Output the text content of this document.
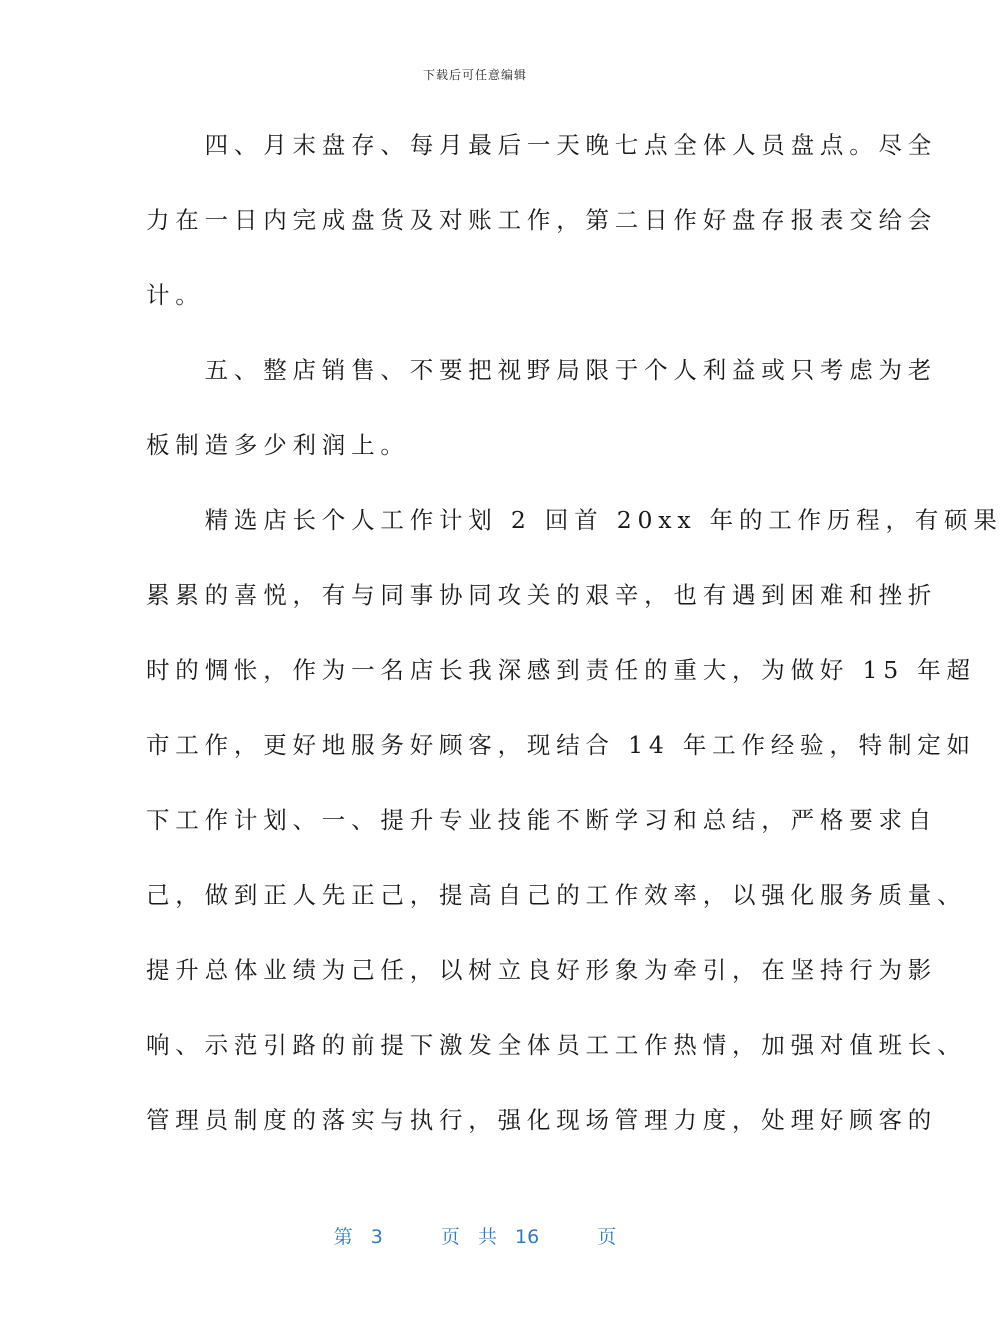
下载后可任意编辑
　　四、月末盘存、每月最后一天晚七点全体人员盘点。尽全
力在一日内完成盘货及对账工作，第二日作好盘存报表交给会
计。
　　五、整店销售、不要把视野局限于个人利益或只考虑为老
板制造多少利润上。
　　精选店长个人工作计划 2 回首 20xx 年的工作历程，有硕果
累累的喜悦，有与同事协同攻关的艰辛，也有遇到困难和挫折
时的惆怅，作为一名店长我深感到责任的重大，为做好 15 年超
市工作，更好地服务好顾客，现结合 14 年工作经验，特制定如
下工作计划、一、提升专业技能不断学习和总结，严格要求自
己，做到正人先正己，提高自己的工作效率，以强化服务质量、
提升总体业绩为己任，以树立良好形象为牵引，在坚持行为影
响、示范引路的前提下激发全体员工工作热情，加强对值班长、
管理员制度的落实与执行，强化现场管理力度，处理好顾客的
第 3	页 共 16	页
